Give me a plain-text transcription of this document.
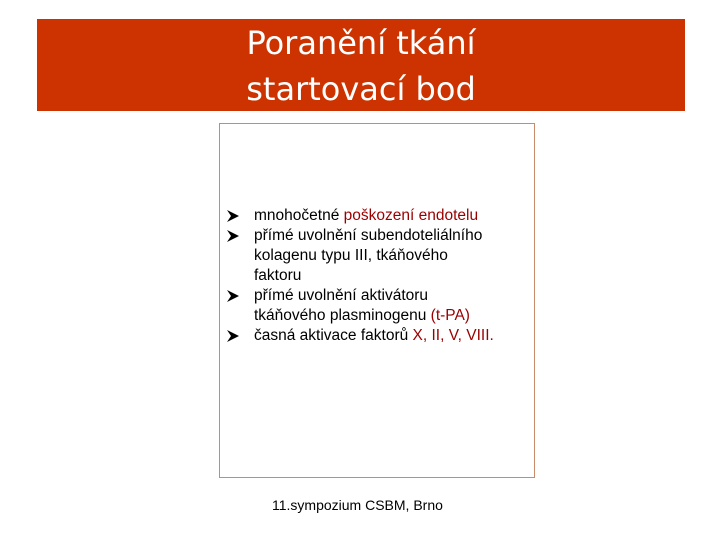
Poranění tkání
startovací bod
mnohočetné poškození endotelu
přímé uvolnění subendoteliálního
kolagenu typu III, tkáňového
faktoru
přímé uvolnění aktivátoru
tkáňového plasminogenu (t-PA)
časná aktivace faktorů X, II, V, VIII.
11.sympozium CSBM, Brno
